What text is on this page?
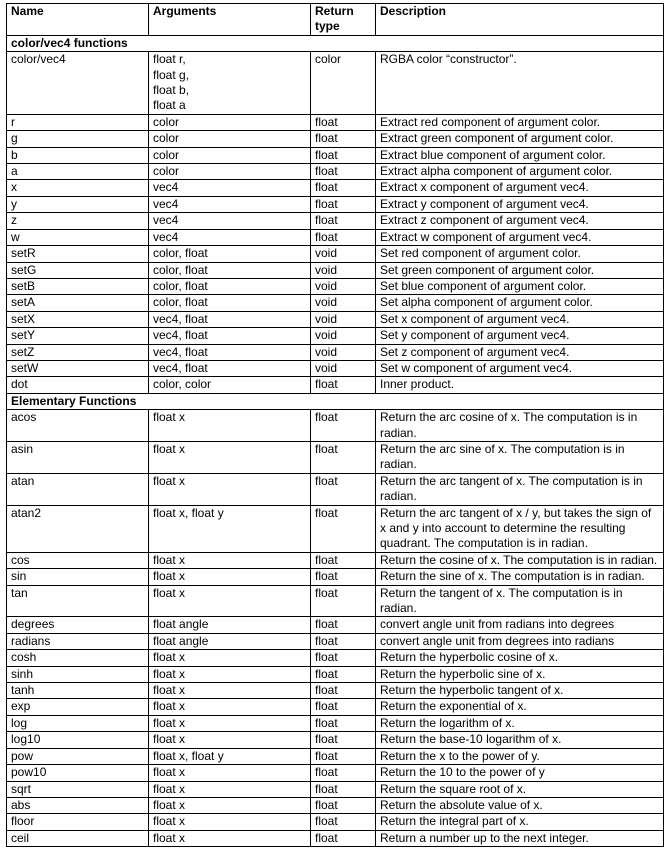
Name	Arguments	Return type	Description
color/vec4 functions			
color/vec4	float r,
float g,
float b,
float a	color	RGBA color “constructor”.
r	color	float	Extract red component of argument color.
g	color	float	Extract green component of argument color.
b	color	float	Extract blue component of argument color.
a	color	float	Extract alpha component of argument color.
x	vec4	float	Extract x component of argument vec4.
y	vec4	float	Extract y component of argument vec4.
z	vec4	float	Extract z component of argument vec4.
w	vec4	float	Extract w component of argument vec4.
setR	color, float	void	Set red component of argument color.
setG	color, float	void	Set green component of argument color.
setB	color, float	void	Set blue component of argument color.
setA	color, float	void	Set alpha component of argument color.
setX	vec4, float	void	Set x component of argument vec4.
setY	vec4, float	void	Set y component of argument vec4.
setZ	vec4, float	void	Set z component of argument vec4.
setW	vec4, float	void	Set w component of argument vec4.
dot	color, color	float	Inner product.
Elementary Functions			
acos	float x	float	Return the arc cosine of x. The computation is in radian.
asin	float x	float	Return the arc sine of x. The computation is in radian.
atan	float x	float	Return the arc tangent of x. The computation is in radian.
atan2	float x, float y	float	Return the arc tangent of x / y, but takes the sign of x and y into account to determine the resulting quadrant. The computation is in radian.
cos	float x	float	Return the cosine of x. The computation is in radian.
sin	float x	float	Return the sine of x. The computation is in radian.
tan	float x	float	Return the tangent of x. The computation is in radian.
degrees	float angle	float	convert angle unit from radians into degrees
radians	float angle	float	convert angle unit from degrees into radians
cosh	float x	float	Return the hyperbolic cosine of x.
sinh	float x	float	Return the hyperbolic sine of x.
tanh	float x	float	Return the hyperbolic tangent of x.
exp	float x	float	Return the exponential of x.
log	float x	float	Return the logarithm of x.
log10	float x	float	Return the base-10 logarithm of x.
pow	float x, float y	float	Return the x to the power of y.
pow10	float x	float	Return the 10 to the power of y
sqrt	float x	float	Return the square root of x.
abs	float x	float	Return the absolute value of x.
floor	float x	float	Return the integral part of x.
ceil	float x	float	Return a number up to the next integer.
